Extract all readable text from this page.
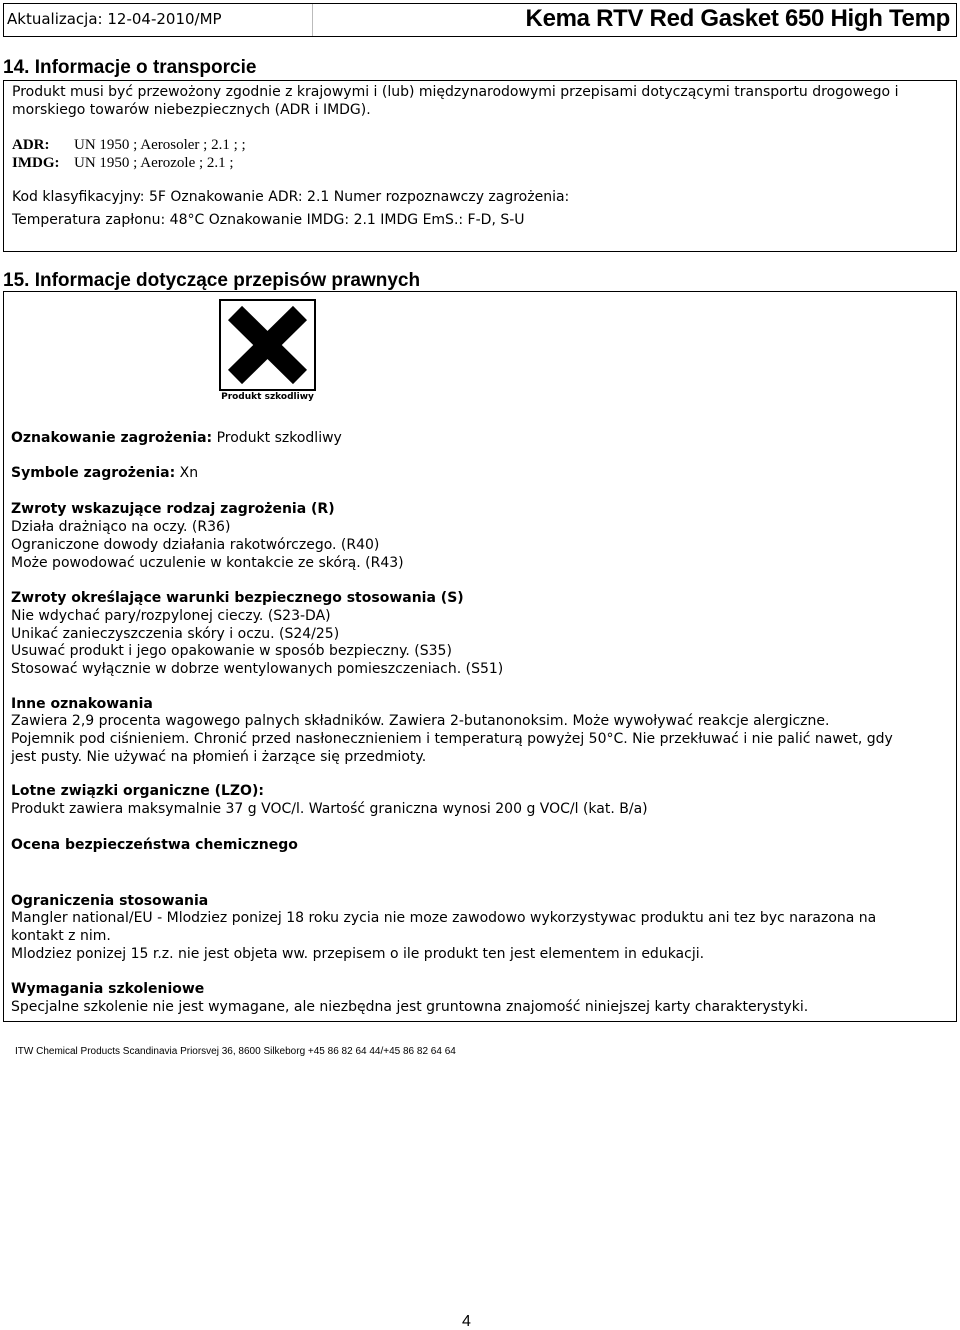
Aktualizacja: 12-04-2010/MP	Kema RTV Red Gasket 650 High Temp
14. Informacje o transporcie
Produkt musi być przewożony zgodnie z krajowymi i (lub) międzynarodowymi przepisami dotyczącymi transportu drogowego i
morskiego towarów niebezpiecznych (ADR i IMDG).
ADR: UN 1950 ; Aerosoler ; 2.1 ; ;
IMDG: UN 1950 ; Aerozole ; 2.1 ;
Kod klasyfikacyjny: 5F Oznakowanie ADR: 2.1 Numer rozpoznawczy zagrożenia:
Temperatura zapłonu: 48°C Oznakowanie IMDG: 2.1 IMDG EmS.: F-D, S-U
15. Informacje dotyczące przepisów prawnych
Produkt szkodliwy
Oznakowanie zagrożenia: Produkt szkodliwy
Symbole zagrożenia: Xn
Zwroty wskazujące rodzaj zagrożenia (R)
Działa drażniąco na oczy. (R36)
Ograniczone dowody działania rakotwórczego. (R40)
Może powodować uczulenie w kontakcie ze skórą. (R43)
Zwroty określające warunki bezpiecznego stosowania (S)
Nie wdychać pary/rozpylonej cieczy. (S23-DA)
Unikać zanieczyszczenia skóry i oczu. (S24/25)
Usuwać produkt i jego opakowanie w sposób bezpieczny. (S35)
Stosować wyłącznie w dobrze wentylowanych pomieszczeniach. (S51)
Inne oznakowania
Zawiera 2,9 procenta wagowego palnych składników. Zawiera 2-butanonoksim. Może wywoływać reakcje alergiczne.
Pojemnik pod ciśnieniem. Chronić przed nasłonecznieniem i temperaturą powyżej 50°C. Nie przekłuwać i nie palić nawet, gdy
jest pusty. Nie używać na płomień i żarzące się przedmioty.
Lotne związki organiczne (LZO):
Produkt zawiera maksymalnie 37 g VOC/l. Wartość graniczna wynosi 200 g VOC/l (kat. B/a)
Ocena bezpieczeństwa chemicznego
Ograniczenia stosowania
Mangler national/EU - Mlodziez ponizej 18 roku zycia nie moze zawodowo wykorzystywac produktu ani tez byc narazona na
kontakt z nim.
Mlodziez ponizej 15 r.z. nie jest objeta ww. przepisem o ile produkt ten jest elementem in edukacji.
Wymagania szkoleniowe
Specjalne szkolenie nie jest wymagane, ale niezbędna jest gruntowna znajomość niniejszej karty charakterystyki.
ITW Chemical Products Scandinavia Priorsvej 36, 8600 Silkeborg +45 86 82 64 44/+45 86 82 64 64
4
